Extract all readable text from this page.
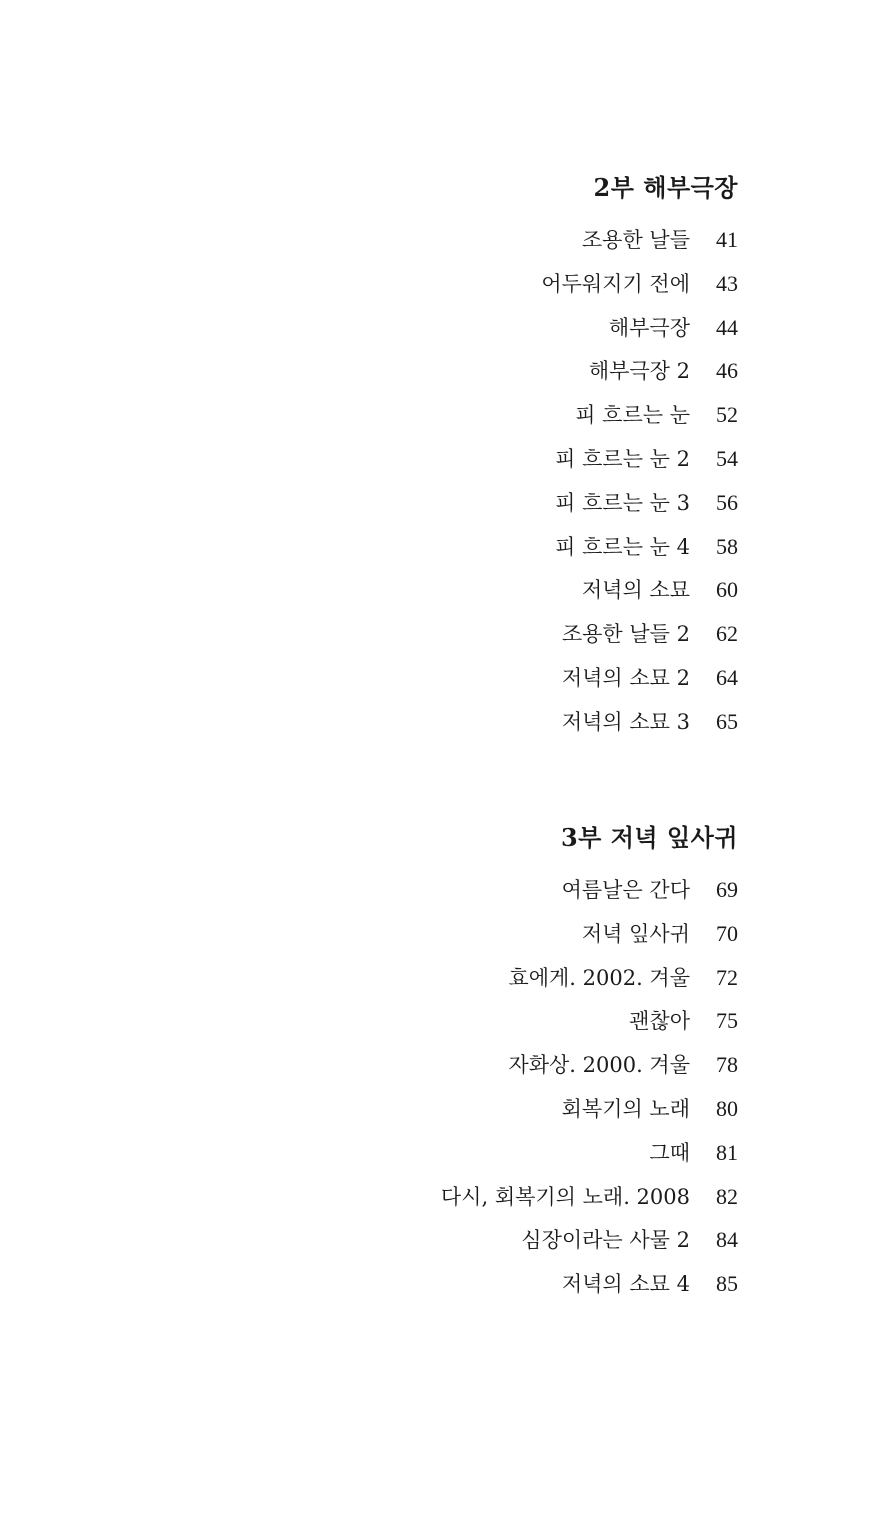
2부 해부극장
조용한 날들	41
어두워지기 전에	43
해부극장	44
해부극장 2	46
피 흐르는 눈	52
피 흐르는 눈 2	54
피 흐르는 눈 3	56
피 흐르는 눈 4	58
저녁의 소묘	60
조용한 날들 2	62
저녁의 소묘 2	64
저녁의 소묘 3	65
3부 저녁 잎사귀
여름날은 간다	69
저녁 잎사귀	70
효에게. 2002. 겨울	72
괜찮아	75
자화상. 2000. 겨울	78
회복기의 노래	80
그때	81
다시, 회복기의 노래. 2008	82
심장이라는 사물 2	84
저녁의 소묘 4	85
